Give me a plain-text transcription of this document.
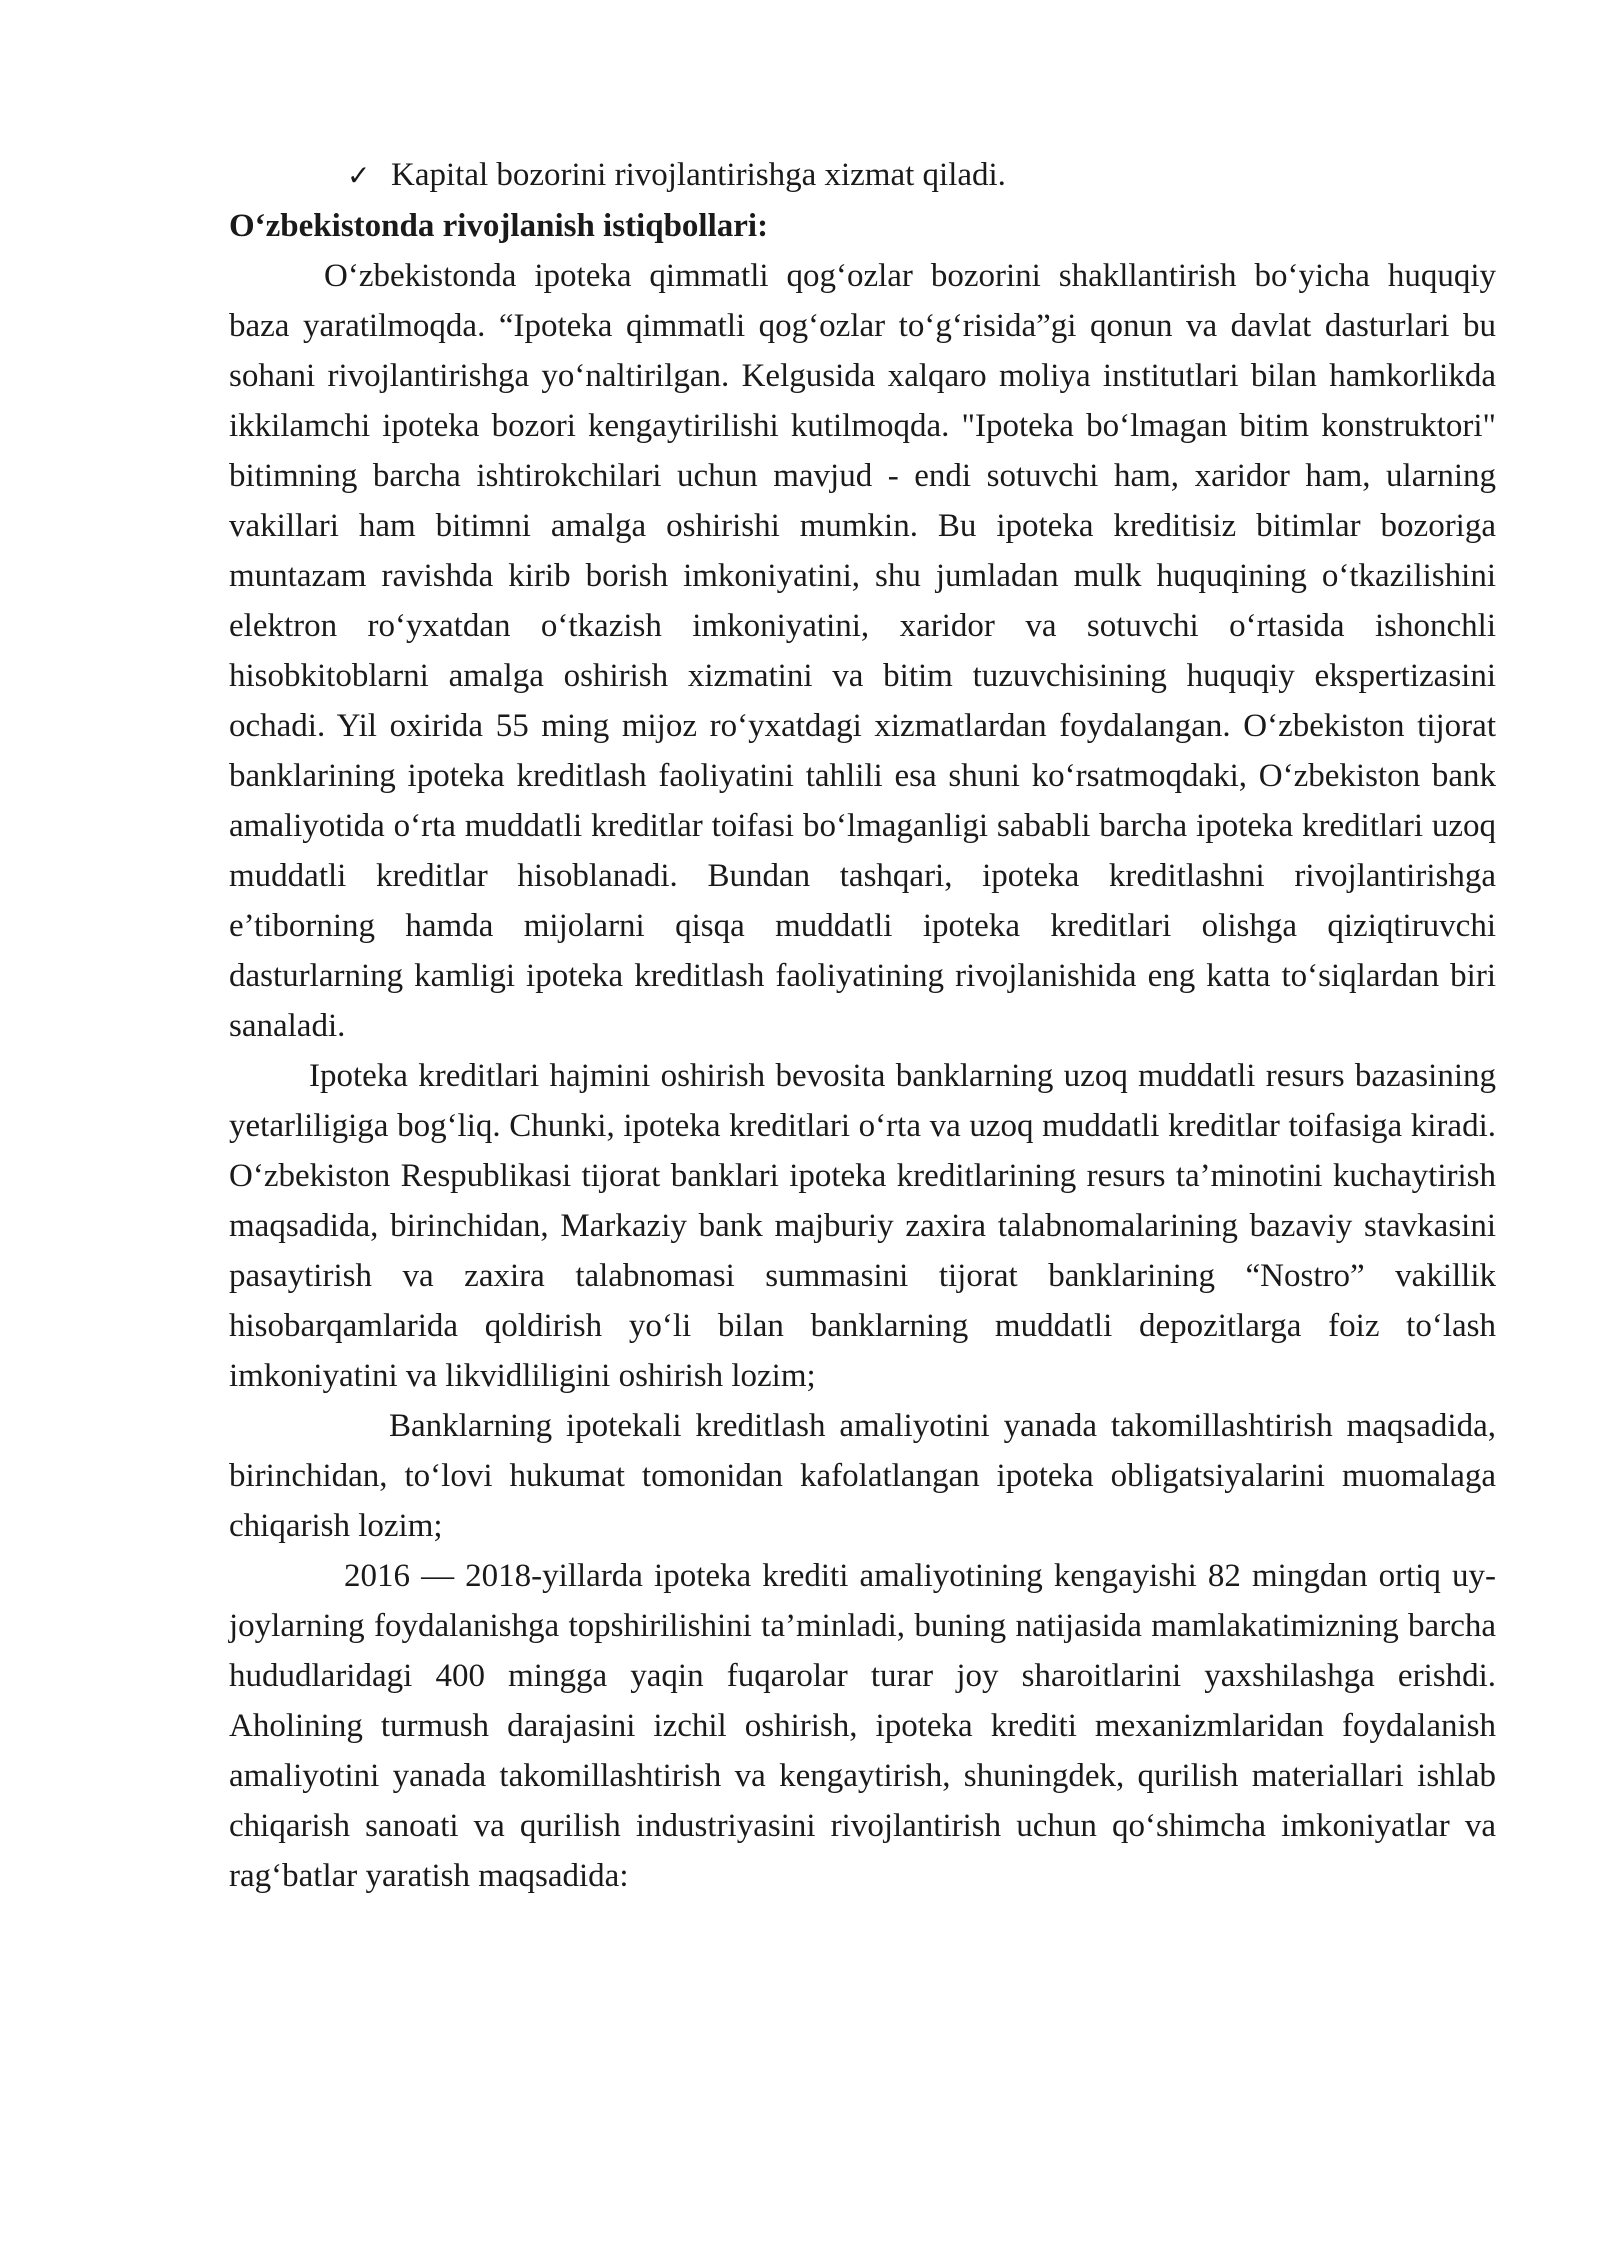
✓ Kapital bozorini rivojlantirishga xizmat qiladi.

O‘zbekistonda rivojlanish istiqbollari:

O‘zbekistonda ipoteka qimmatli qog‘ozlar bozorini shakllantirish bo‘yicha huquqiy baza yaratilmoqda. “Ipoteka qimmatli qog‘ozlar to‘g‘risida”gi qonun va davlat dasturlari bu sohani rivojlantirishga yo‘naltirilgan. Kelgusida xalqaro moliya institutlari bilan hamkorlikda ikkilamchi ipoteka bozori kengaytirilishi kutilmoqda. "Ipoteka bo‘lmagan bitim konstruktori" bitimning barcha ishtirokchilari uchun mavjud - endi sotuvchi ham, xaridor ham, ularning vakillari ham bitimni amalga oshirishi mumkin. Bu ipoteka kreditisiz bitimlar bozoriga muntazam ravishda kirib borish imkoniyatini, shu jumladan mulk huquqining o‘tkazilishini elektron ro‘yxatdan o‘tkazish imkoniyatini, xaridor va sotuvchi o‘rtasida ishonchli hisobkitoblarni amalga oshirish xizmatini va bitim tuzuvchisining huquqiy ekspertizasini ochadi. Yil oxirida 55 ming mijoz ro‘yxatdagi xizmatlardan foydalangan. O‘zbekiston tijorat banklarining ipoteka kreditlash faoliyatini tahlili esa shuni ko‘rsatmoqdaki, O‘zbekiston bank amaliyotida o‘rta muddatli kreditlar toifasi bo‘lmaganligi sababli barcha ipoteka kreditlari uzoq muddatli kreditlar hisoblanadi. Bundan tashqari, ipoteka kreditlashni rivojlantirishga e’tiborning hamda mijolarni qisqa muddatli ipoteka kreditlari olishga qiziqtiruvchi dasturlarning kamligi ipoteka kreditlash faoliyatining rivojlanishida eng katta to‘siqlardan biri sanaladi.

Ipoteka kreditlari hajmini oshirish bevosita banklarning uzoq muddatli resurs bazasining yetarliligiga bog‘liq. Chunki, ipoteka kreditlari o‘rta va uzoq muddatli kreditlar toifasiga kiradi. O‘zbekiston Respublikasi tijorat banklari ipoteka kreditlarining resurs ta’minotini kuchaytirish maqsadida, birinchidan, Markaziy bank majburiy zaxira talabnomalarining bazaviy stavkasini pasaytirish va zaxira talabnomasi summasini tijorat banklarining “Nostro” vakillik hisobarqamlarida qoldirish yo‘li bilan banklarning muddatli depozitlarga foiz to‘lash imkoniyatini va likvidliligini oshirish lozim;

Banklarning ipotekali kreditlash amaliyotini yanada takomillashtirish maqsadida, birinchidan, to‘lovi hukumat tomonidan kafolatlangan ipoteka obligatsiyalarini muomalaga chiqarish lozim;

2016 — 2018-yillarda ipoteka krediti amaliyotining kengayishi 82 mingdan ortiq uy-joylarning foydalanishga topshirilishini ta’minladi, buning natijasida mamlakatimizning barcha hududlaridagi 400 mingga yaqin fuqarolar turar joy sharoitlarini yaxshilashga erishdi. Aholining turmush darajasini izchil oshirish, ipoteka krediti mexanizmlaridan foydalanish amaliyotini yanada takomillashtirish va kengaytirish, shuningdek, qurilish materiallari ishlab chiqarish sanoati va qurilish industriyasini rivojlantirish uchun qo‘shimcha imkoniyatlar va rag‘batlar yaratish maqsadida:
